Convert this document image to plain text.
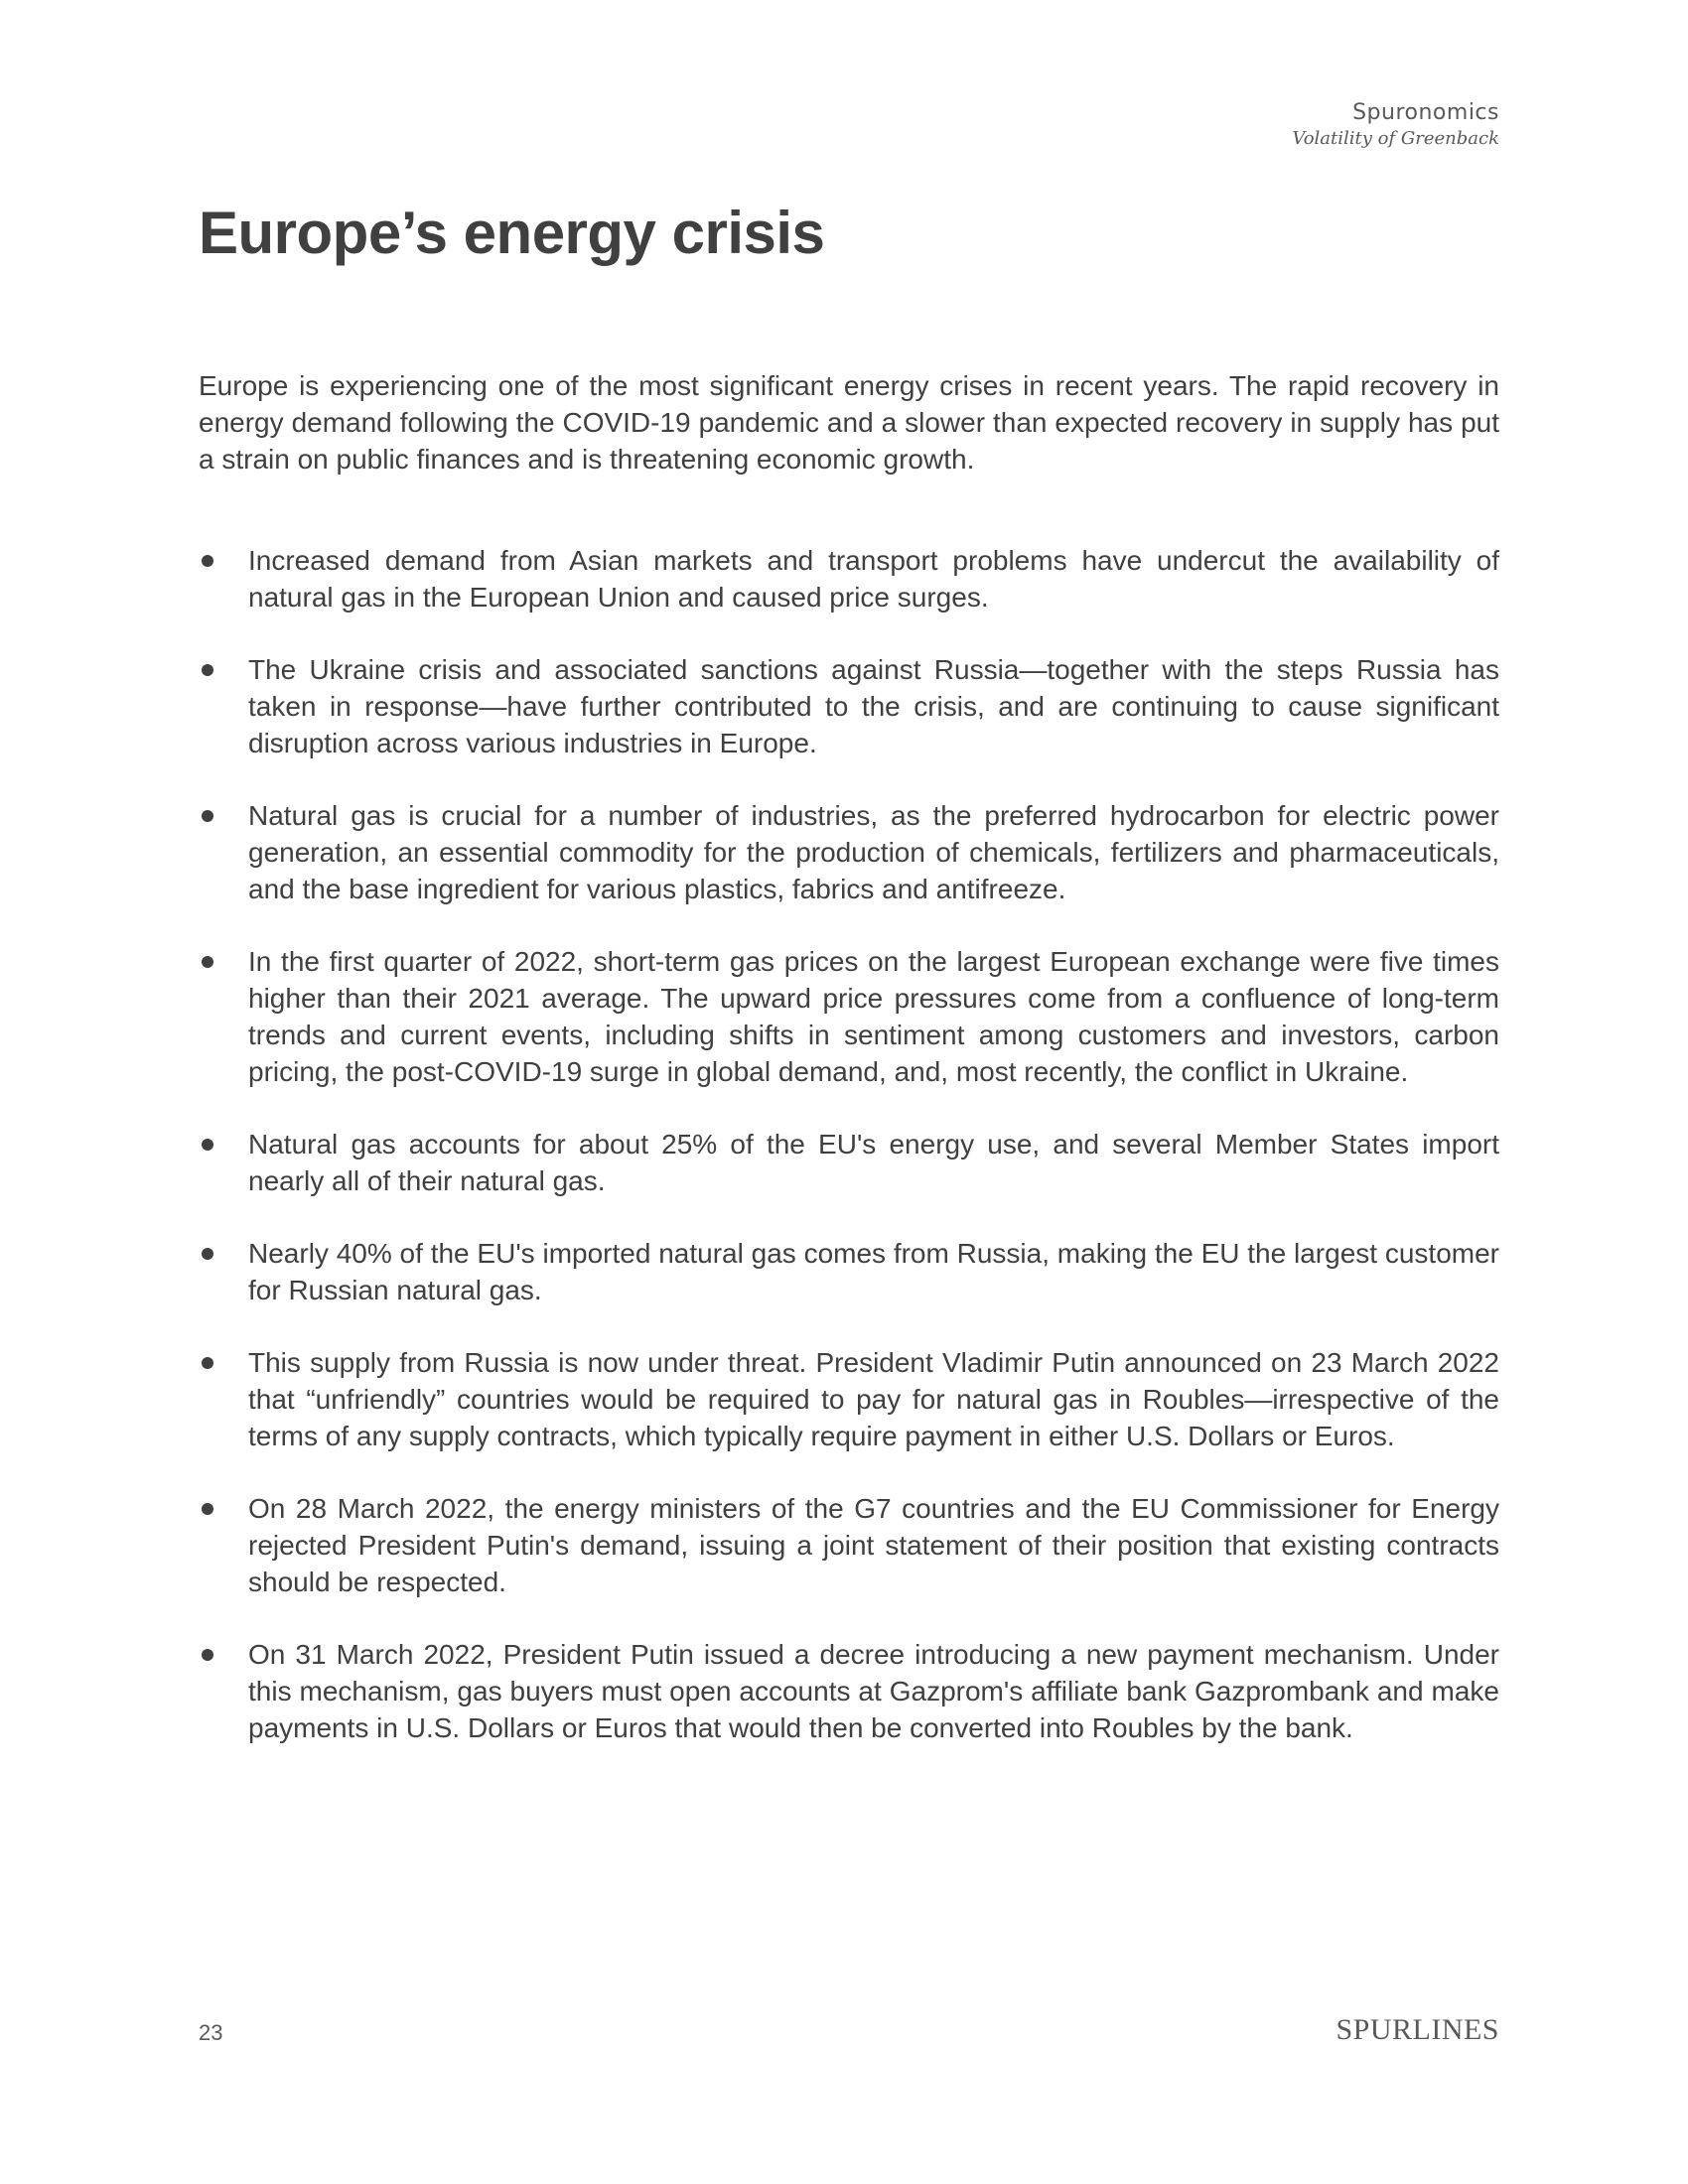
Spuronomics
Volatility of Greenback
Europe’s energy crisis

Europe is experiencing one of the most significant energy crises in recent years. The rapid recovery in energy demand following the COVID-19 pandemic and a slower than expected recovery in supply has put a strain on public finances and is threatening economic growth.

Increased demand from Asian markets and transport problems have undercut the availability of natural gas in the European Union and caused price surges.
The Ukraine crisis and associated sanctions against Russia—together with the steps Russia has taken in response—have further contributed to the crisis, and are continuing to cause significant disruption across various industries in Europe.
Natural gas is crucial for a number of industries, as the preferred hydrocarbon for electric power generation, an essential commodity for the production of chemicals, fertilizers and pharmaceuticals, and the base ingredient for various plastics, fabrics and antifreeze.
In the first quarter of 2022, short-term gas prices on the largest European exchange were five times higher than their 2021 average. The upward price pressures come from a confluence of long-term trends and current events, including shifts in sentiment among customers and investors, carbon pricing, the post-COVID-19 surge in global demand, and, most recently, the conflict in Ukraine.
Natural gas accounts for about 25% of the EU's energy use, and several Member States import nearly all of their natural gas.
Nearly 40% of the EU's imported natural gas comes from Russia, making the EU the largest customer for Russian natural gas.
This supply from Russia is now under threat. President Vladimir Putin announced on 23 March 2022 that “unfriendly” countries would be required to pay for natural gas in Roubles—irrespective of the terms of any supply contracts, which typically require payment in either U.S. Dollars or Euros.
On 28 March 2022, the energy ministers of the G7 countries and the EU Commissioner for Energy rejected President Putin's demand, issuing a joint statement of their position that existing contracts should be respected.
On 31 March 2022, President Putin issued a decree introducing a new payment mechanism. Under this mechanism, gas buyers must open accounts at Gazprom's affiliate bank Gazprombank and make payments in U.S. Dollars or Euros that would then be converted into Roubles by the bank.
23	SPURLINES
